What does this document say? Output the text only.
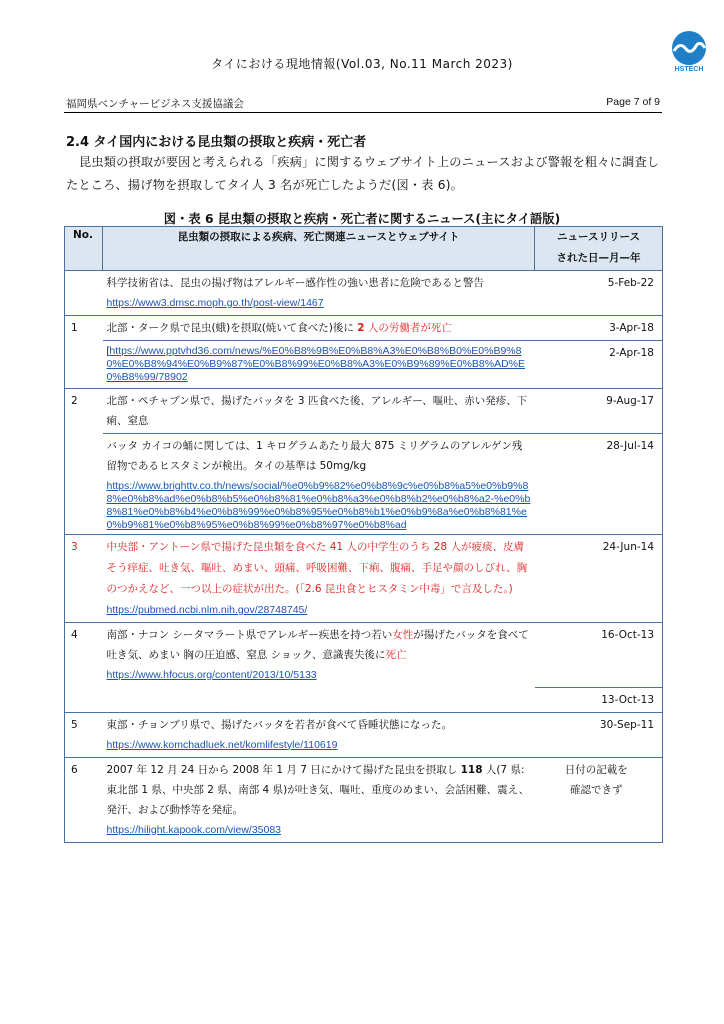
タイにおける現地情報(Vol.03, No.11 March 2023)	HSTECH
福岡県ベンチャービジネス支援協議会	Page 7 of 9
2.4 タイ国内における昆虫類の摂取と疾病・死亡者
昆虫類の摂取が要因と考えられる「疾病」に関するウェブサイト上のニュースおよび警報を粗々に調査したところ、揚げ物を摂取してタイ人 3 名が死亡したようだ(図・表 6)。
図・表 6 昆虫類の摂取と疾病・死亡者に関するニュース(主にタイ語版)
No.	昆虫類の摂取による疾病、死亡関連ニュースとウェブサイト	ニュースリリース
された日—月—年
	科学技術省は、昆虫の揚げ物はアレルギー感作性の強い患者に危険であると警告
https://www3.dmsc.moph.go.th/post-view/1467	5-Feb-22
1	北部・ターク県で昆虫(蛾)を摂取(焼いて食べた)後に 2 人の労働者が死亡	3-Apr-18

	[https://www.pptvhd36.com/news/%E0%B8%9B%E0%B8%A3%E0%B8%B0%E0%B9%80%E0%B8%94%E0%B9%87%E0%B8%99%E0%B8%A3%E0%B9%89%E0%B8%AD%E0%B8%99/78902	2-Apr-18
2	北部・ペチャブン県で、揚げたバッタを 3 匹食べた後、アレルギー、嘔吐、赤い発疹、下痢、窒息	9-Aug-17
	バッタ カイコの蛹に関しては、1 キログラムあたり最大 875 ミリグラムのアレルゲン残
留物であるヒスタミンが検出。タイの基準は 50mg/kg
https://www.brighttv.co.th/news/social/%e0%b9%82%e0%b8%9c%e0%b8%a5%e0%b9%88%e0%b8%ad%e0%b8%b5%e0%b8%81%e0%b8%a3%e0%b8%b2%e0%b8%a2-%e0%b8%81%e0%b8%b4%e0%b8%99%e0%b8%95%e0%b8%b1%e0%b9%8a%e0%b8%81%e0%b9%81%e0%b8%95%e0%b8%99%e0%b8%97%e0%b8%ad	28-Jul-14
3	中央部・アントーン県で揚げた昆虫類を食べた 41 人の中学生のうち 28 人が疲痰、皮膚そう痒症、吐き気、嘔吐、めまい、頭痛、呼吸困難、下痢、腹痛、手足や顔のしびれ、胸のつかえなど、一つ以上の症状が出た。(「2.6 昆虫食とヒスタミン中毒」で言及した。)
https://pubmed.ncbi.nlm.nih.gov/28748745/	24-Jun-14
4	南部・ナコン シータマラート県でアレルギー疾患を持つ若い女性が揚げたバッタを食べて吐き気、めまい 胸の圧迫感、窒息 ショック、意識喪失後に死亡
https://www.hfocus.org/content/2013/10/5133	16-Oct-13
		13-Oct-13
5	東部・チョンブリ県で、揚げたバッタを若者が食べて昏睡状態になった。
https://www.komchadluek.net/komlifestyle/110619	30-Sep-11
6	2007 年 12 月 24 日から 2008 年 1 月 7 日にかけて揚げた昆虫を摂取し 118 人(7 県:東北部 1 県、中央部 2 県、南部 4 県)が吐き気、嘔吐、重度のめまい、会話困難、震え、発汗、および動悸等を発症。
https://hilight.kapook.com/view/35083	日付の記載を
確認できず
